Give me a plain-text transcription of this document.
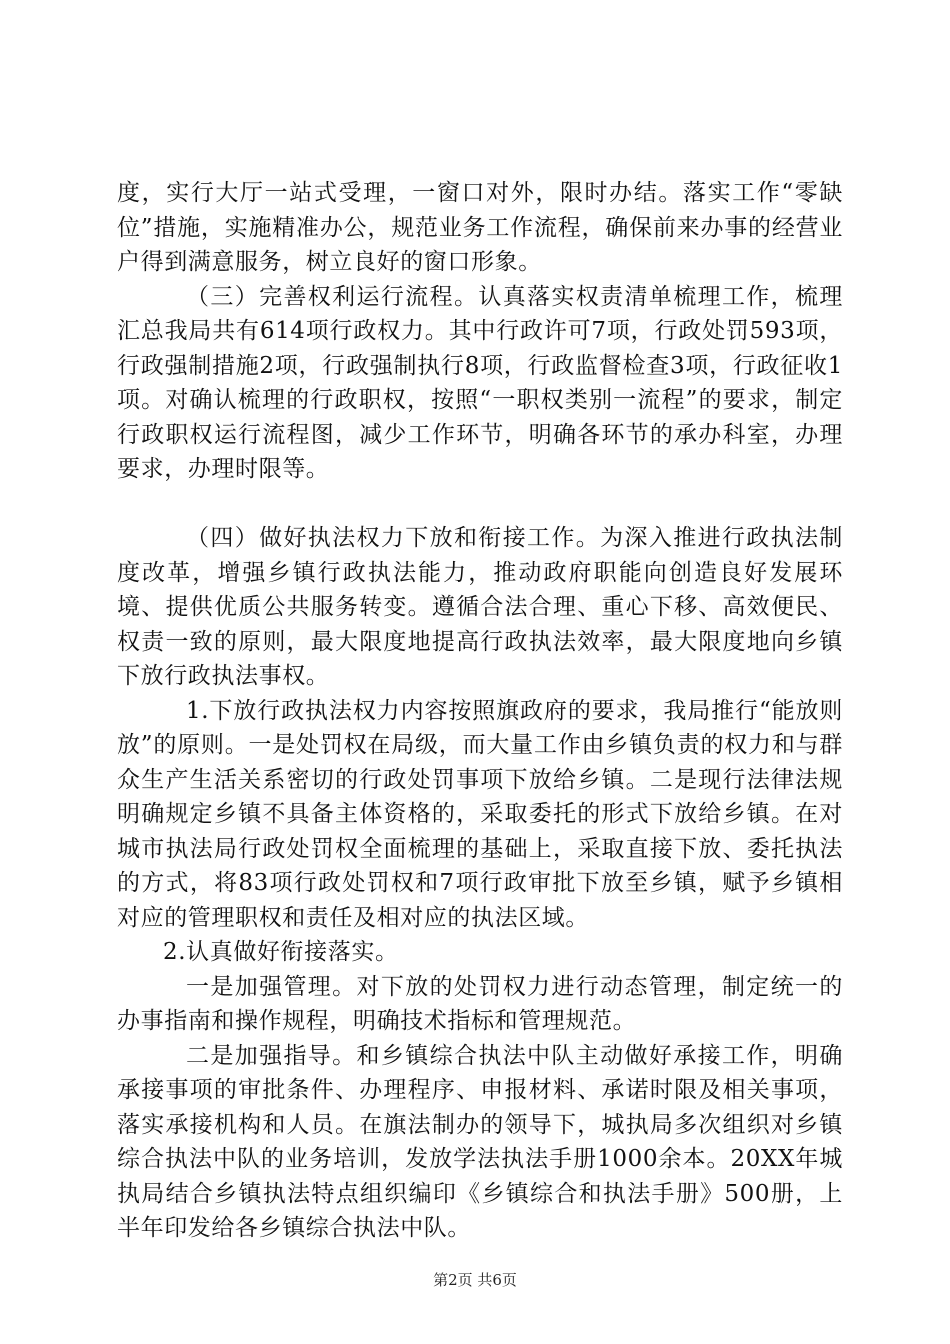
度，实行大厅一站式受理，一窗口对外，限时办结。落实工作“零缺位”措施，实施精准办公，规范业务工作流程，确保前来办事的经营业户得到满意服务，树立良好的窗口形象。

（三）完善权利运行流程。认真落实权责清单梳理工作，梳理汇总我局共有614项行政权力。其中行政许可7项，行政处罚593项，行政强制措施2项，行政强制执行8项，行政监督检查3项，行政征收1项。对确认梳理的行政职权，按照“一职权类别一流程”的要求，制定行政职权运行流程图，减少工作环节，明确各环节的承办科室，办理要求，办理时限等。

（四）做好执法权力下放和衔接工作。为深入推进行政执法制度改革，增强乡镇行政执法能力，推动政府职能向创造良好发展环境、提供优质公共服务转变。遵循合法合理、重心下移、高效便民、权责一致的原则，最大限度地提高行政执法效率，最大限度地向乡镇下放行政执法事权。

1.下放行政执法权力内容按照旗政府的要求，我局推行“能放则放”的原则。一是处罚权在局级，而大量工作由乡镇负责的权力和与群众生产生活关系密切的行政处罚事项下放给乡镇。二是现行法律法规明确规定乡镇不具备主体资格的，采取委托的形式下放给乡镇。在对城市执法局行政处罚权全面梳理的基础上，采取直接下放、委托执法的方式，将83项行政处罚权和7项行政审批下放至乡镇，赋予乡镇相对应的管理职权和责任及相对应的执法区域。

2.认真做好衔接落实。

一是加强管理。对下放的处罚权力进行动态管理，制定统一的办事指南和操作规程，明确技术指标和管理规范。

二是加强指导。和乡镇综合执法中队主动做好承接工作，明确承接事项的审批条件、办理程序、申报材料、承诺时限及相关事项，落实承接机构和人员。在旗法制办的领导下，城执局多次组织对乡镇综合执法中队的业务培训，发放学法执法手册1000余本。20XX年城执局结合乡镇执法特点组织编印《乡镇综合和执法手册》500册，上半年印发给各乡镇综合执法中队。

第2页 共6页
